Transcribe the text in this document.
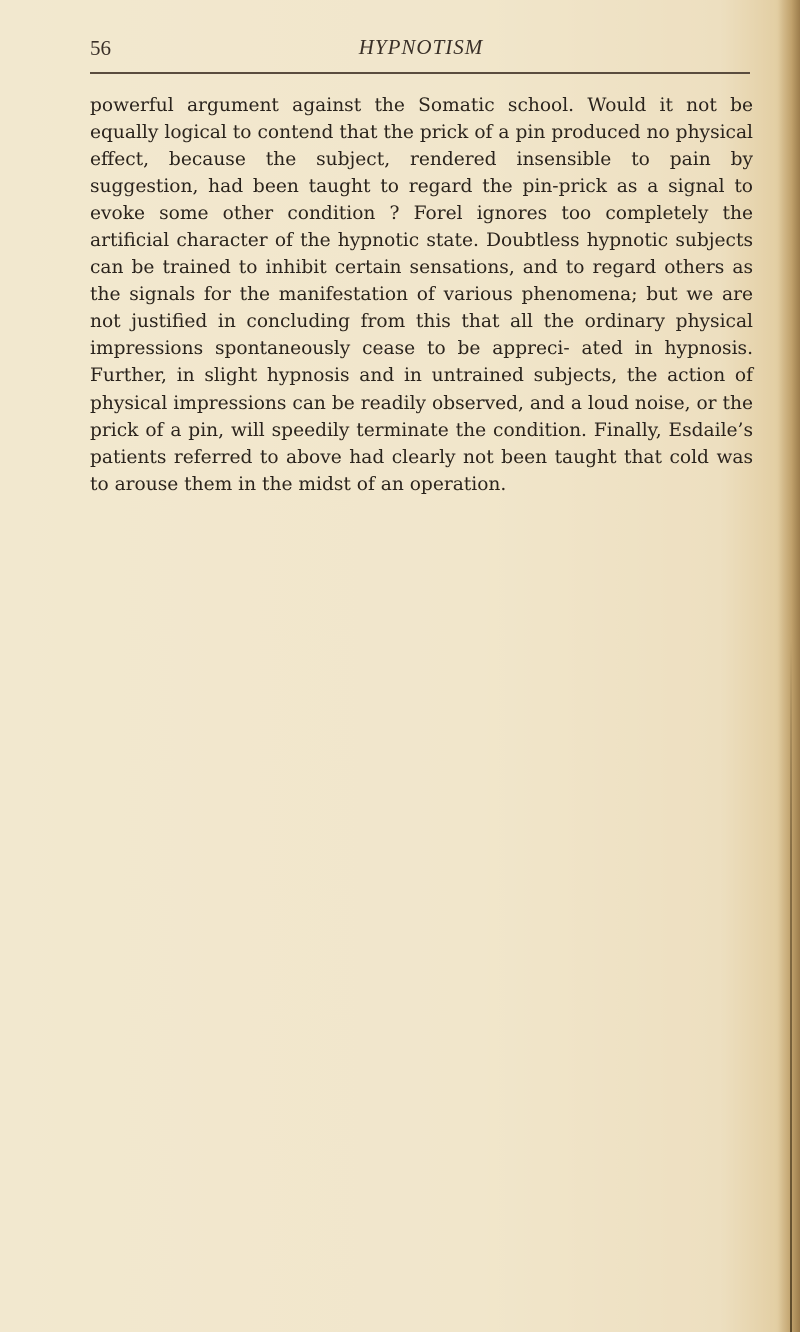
56	HYPNOTISM

powerful argument against the Somatic school. Would it not be equally logical to contend that the prick of a pin produced no physical effect, because the subject, rendered insensible to pain by suggestion, had been taught to regard the pin-prick as a signal to evoke some other condition ? Forel ignores too completely the artificial character of the hypnotic state. Doubtless hypnotic subjects can be trained to inhibit certain sensations, and to regard others as the signals for the manifestation of various phenomena; but we are not justified in concluding from this that all the ordinary physical impressions spontaneously cease to be appreci- ated in hypnosis. Further, in slight hypnosis and in untrained subjects, the action of physical impressions can be readily observed, and a loud noise, or the prick of a pin, will speedily terminate the condition. Finally, Esdaile’s patients referred to above had clearly not been taught that cold was to arouse them in the midst of an operation.
